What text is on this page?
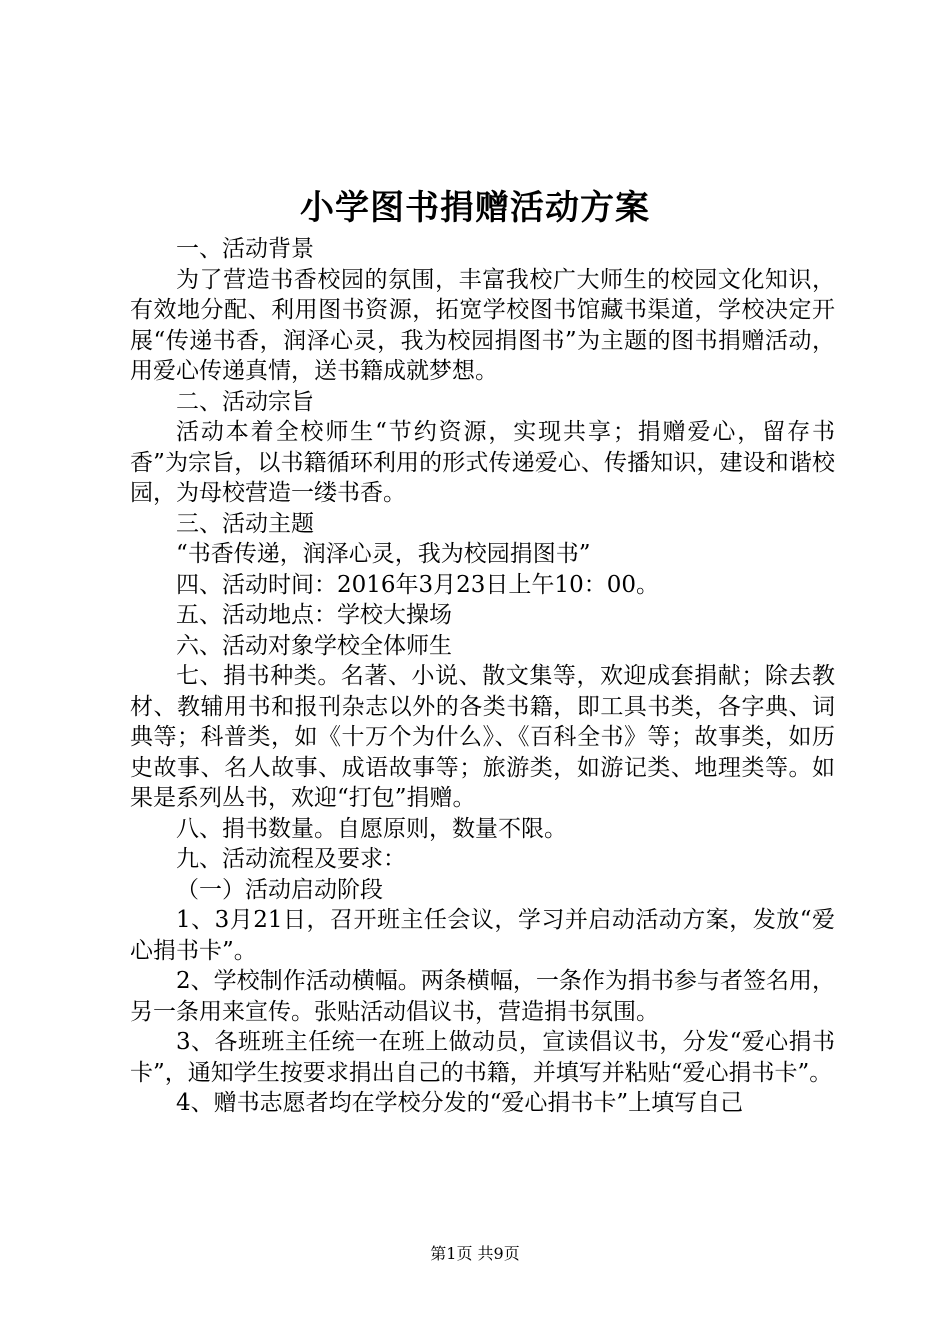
小学图书捐赠活动方案

一、活动背景

为了营造书香校园的氛围，丰富我校广大师生的校园文化知识，有效地分配、利用图书资源，拓宽学校图书馆藏书渠道，学校决定开展“传递书香，润泽心灵，我为校园捐图书”为主题的图书捐赠活动，用爱心传递真情，送书籍成就梦想。

二、活动宗旨

活动本着全校师生“节约资源，实现共享；捐赠爱心，留存书香”为宗旨，以书籍循环利用的形式传递爱心、传播知识，建设和谐校园，为母校营造一缕书香。

三、活动主题

“书香传递，润泽心灵，我为校园捐图书”

四、活动时间：2016年3月23日上午10：00。

五、活动地点：学校大操场

六、活动对象学校全体师生

七、捐书种类。名著、小说、散文集等，欢迎成套捐献；除去教材、教辅用书和报刊杂志以外的各类书籍，即工具书类，各字典、词典等；科普类，如《十万个为什么》、《百科全书》等；故事类，如历史故事、名人故事、成语故事等；旅游类，如游记类、地理类等。如果是系列丛书，欢迎“打包”捐赠。

八、捐书数量。自愿原则，数量不限。

九、活动流程及要求：

（一）活动启动阶段

1、3月21日，召开班主任会议，学习并启动活动方案，发放“爱心捐书卡”。

2、学校制作活动横幅。两条横幅，一条作为捐书参与者签名用，另一条用来宣传。张贴活动倡议书，营造捐书氛围。

3、各班班主任统一在班上做动员，宣读倡议书，分发“爱心捐书卡”，通知学生按要求捐出自己的书籍，并填写并粘贴“爱心捐书卡”。

4、赠书志愿者均在学校分发的“爱心捐书卡”上填写自己

第1页 共9页
